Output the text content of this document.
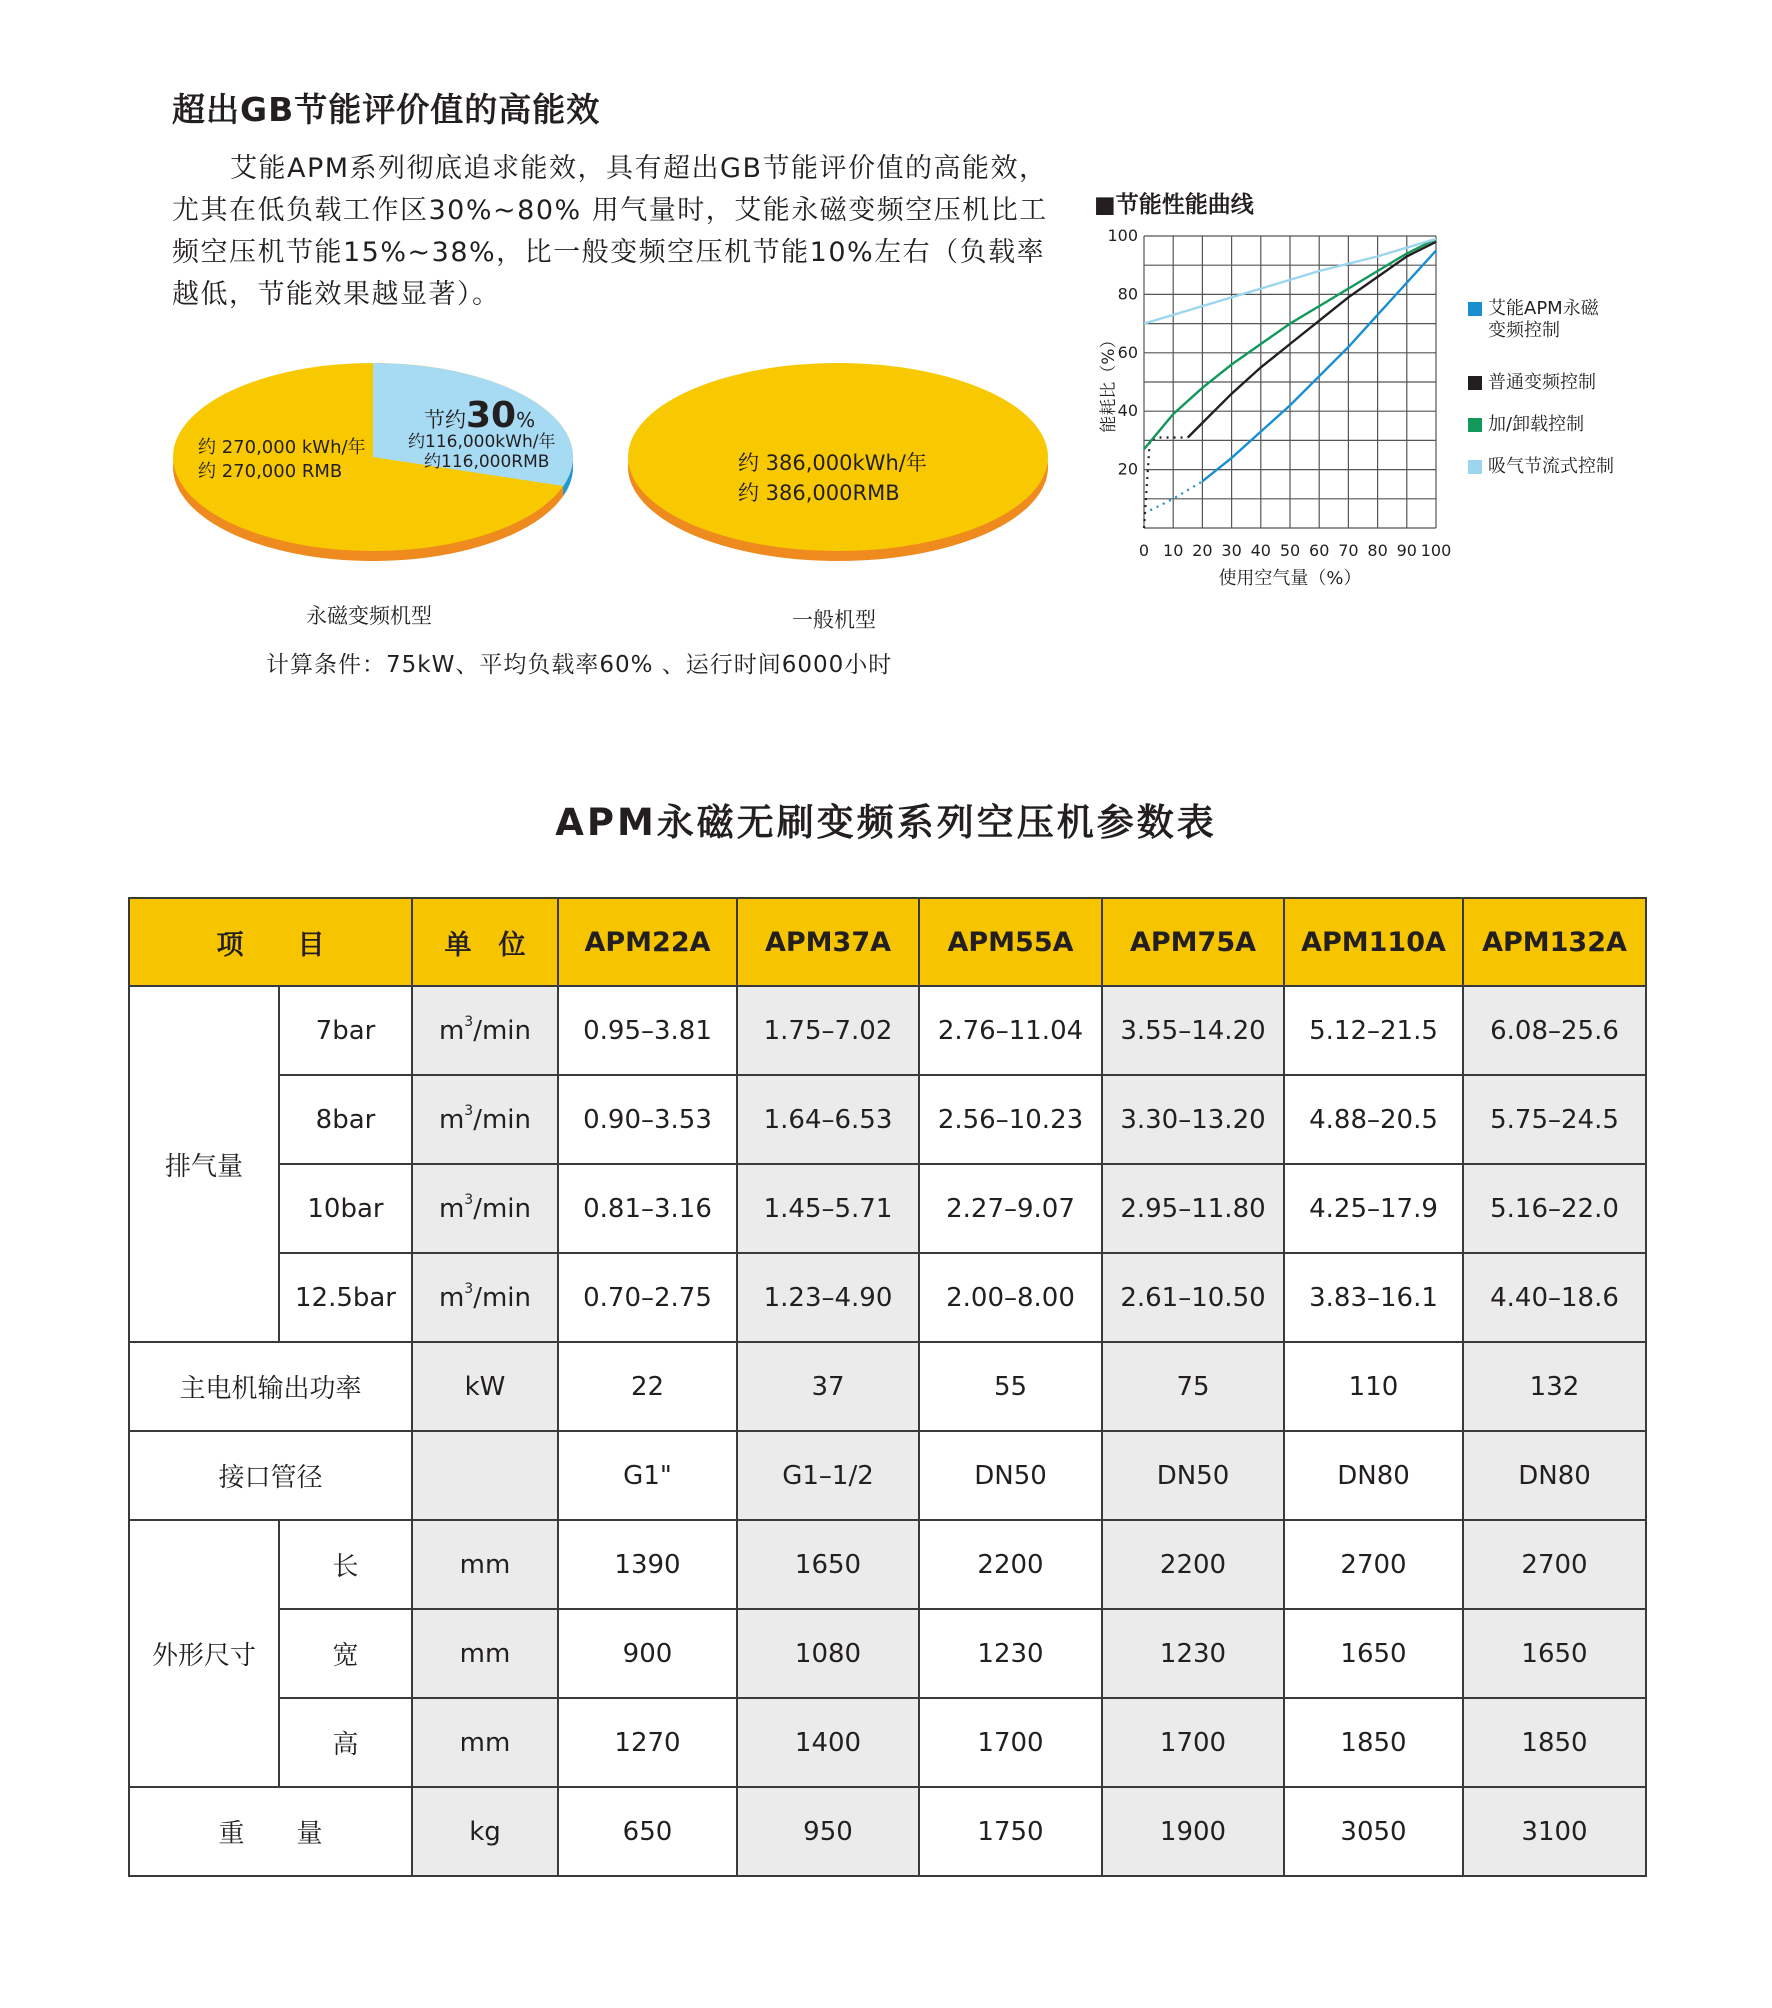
超出GB节能评价值的高能效
艾能APM系列彻底追求能效，具有超出GB节能评价值的高能效，尤其在低负载工作区30%~80% 用气量时，艾能永磁变频空压机比工频空压机节能15%~38%，比一般变频空压机节能10%左右（负载率越低，节能效果越显著）。
约 270,000 kWh/年
约 270,000 RMB
节约30%
约116,000kWh/年
约116,000RMB
永磁变频机型
约 386,000kWh/年
约 386,000RMB
一般机型
计算条件：75kW、平均负载率60% 、运行时间6000小时
■节能性能曲线
0 10 20 30 40 50 60 70 80 90 100
20
40
60
80
100
能耗比（%）
使用空气量（%）
艾能APM永磁变频控制
普通变频控制
加/卸载控制
吸气节流式控制
APM永磁无刷变频系列空压机参数表
项　　目		单　位	APM22A	APM37A	APM55A	APM75A	APM110A	APM132A
排气量	7bar	$m^3/\min$	0.95–3.81	1.75–7.02	2.76–11.04	3.55–14.20	5.12–21.5	6.08–25.6
	8bar	$m^3/\min$	0.90–3.53	1.64–6.53	2.56–10.23	3.30–13.20	4.88–20.5	5.75–24.5
	10bar	$m^3/\min$	0.81–3.16	1.45–5.71	2.27–9.07	2.95–11.80	4.25–17.9	5.16–22.0
	12.5bar	$m^3/\min$	0.70–2.75	1.23–4.90	2.00–8.00	2.61–10.50	3.83–16.1	4.40–18.6
主电机输出功率		kW	22	37	55	75	110	132
接口管径			G1"	G1–1/2	DN50	DN50	DN80	DN80
外形尺寸	长	mm	1390	1650	2200	2200	2700	2700
	宽	mm	900	1080	1230	1230	1650	1650
	高	mm	1270	1400	1700	1700	1850	1850
重　　量		kg	650	950	1750	1900	3050	3100
